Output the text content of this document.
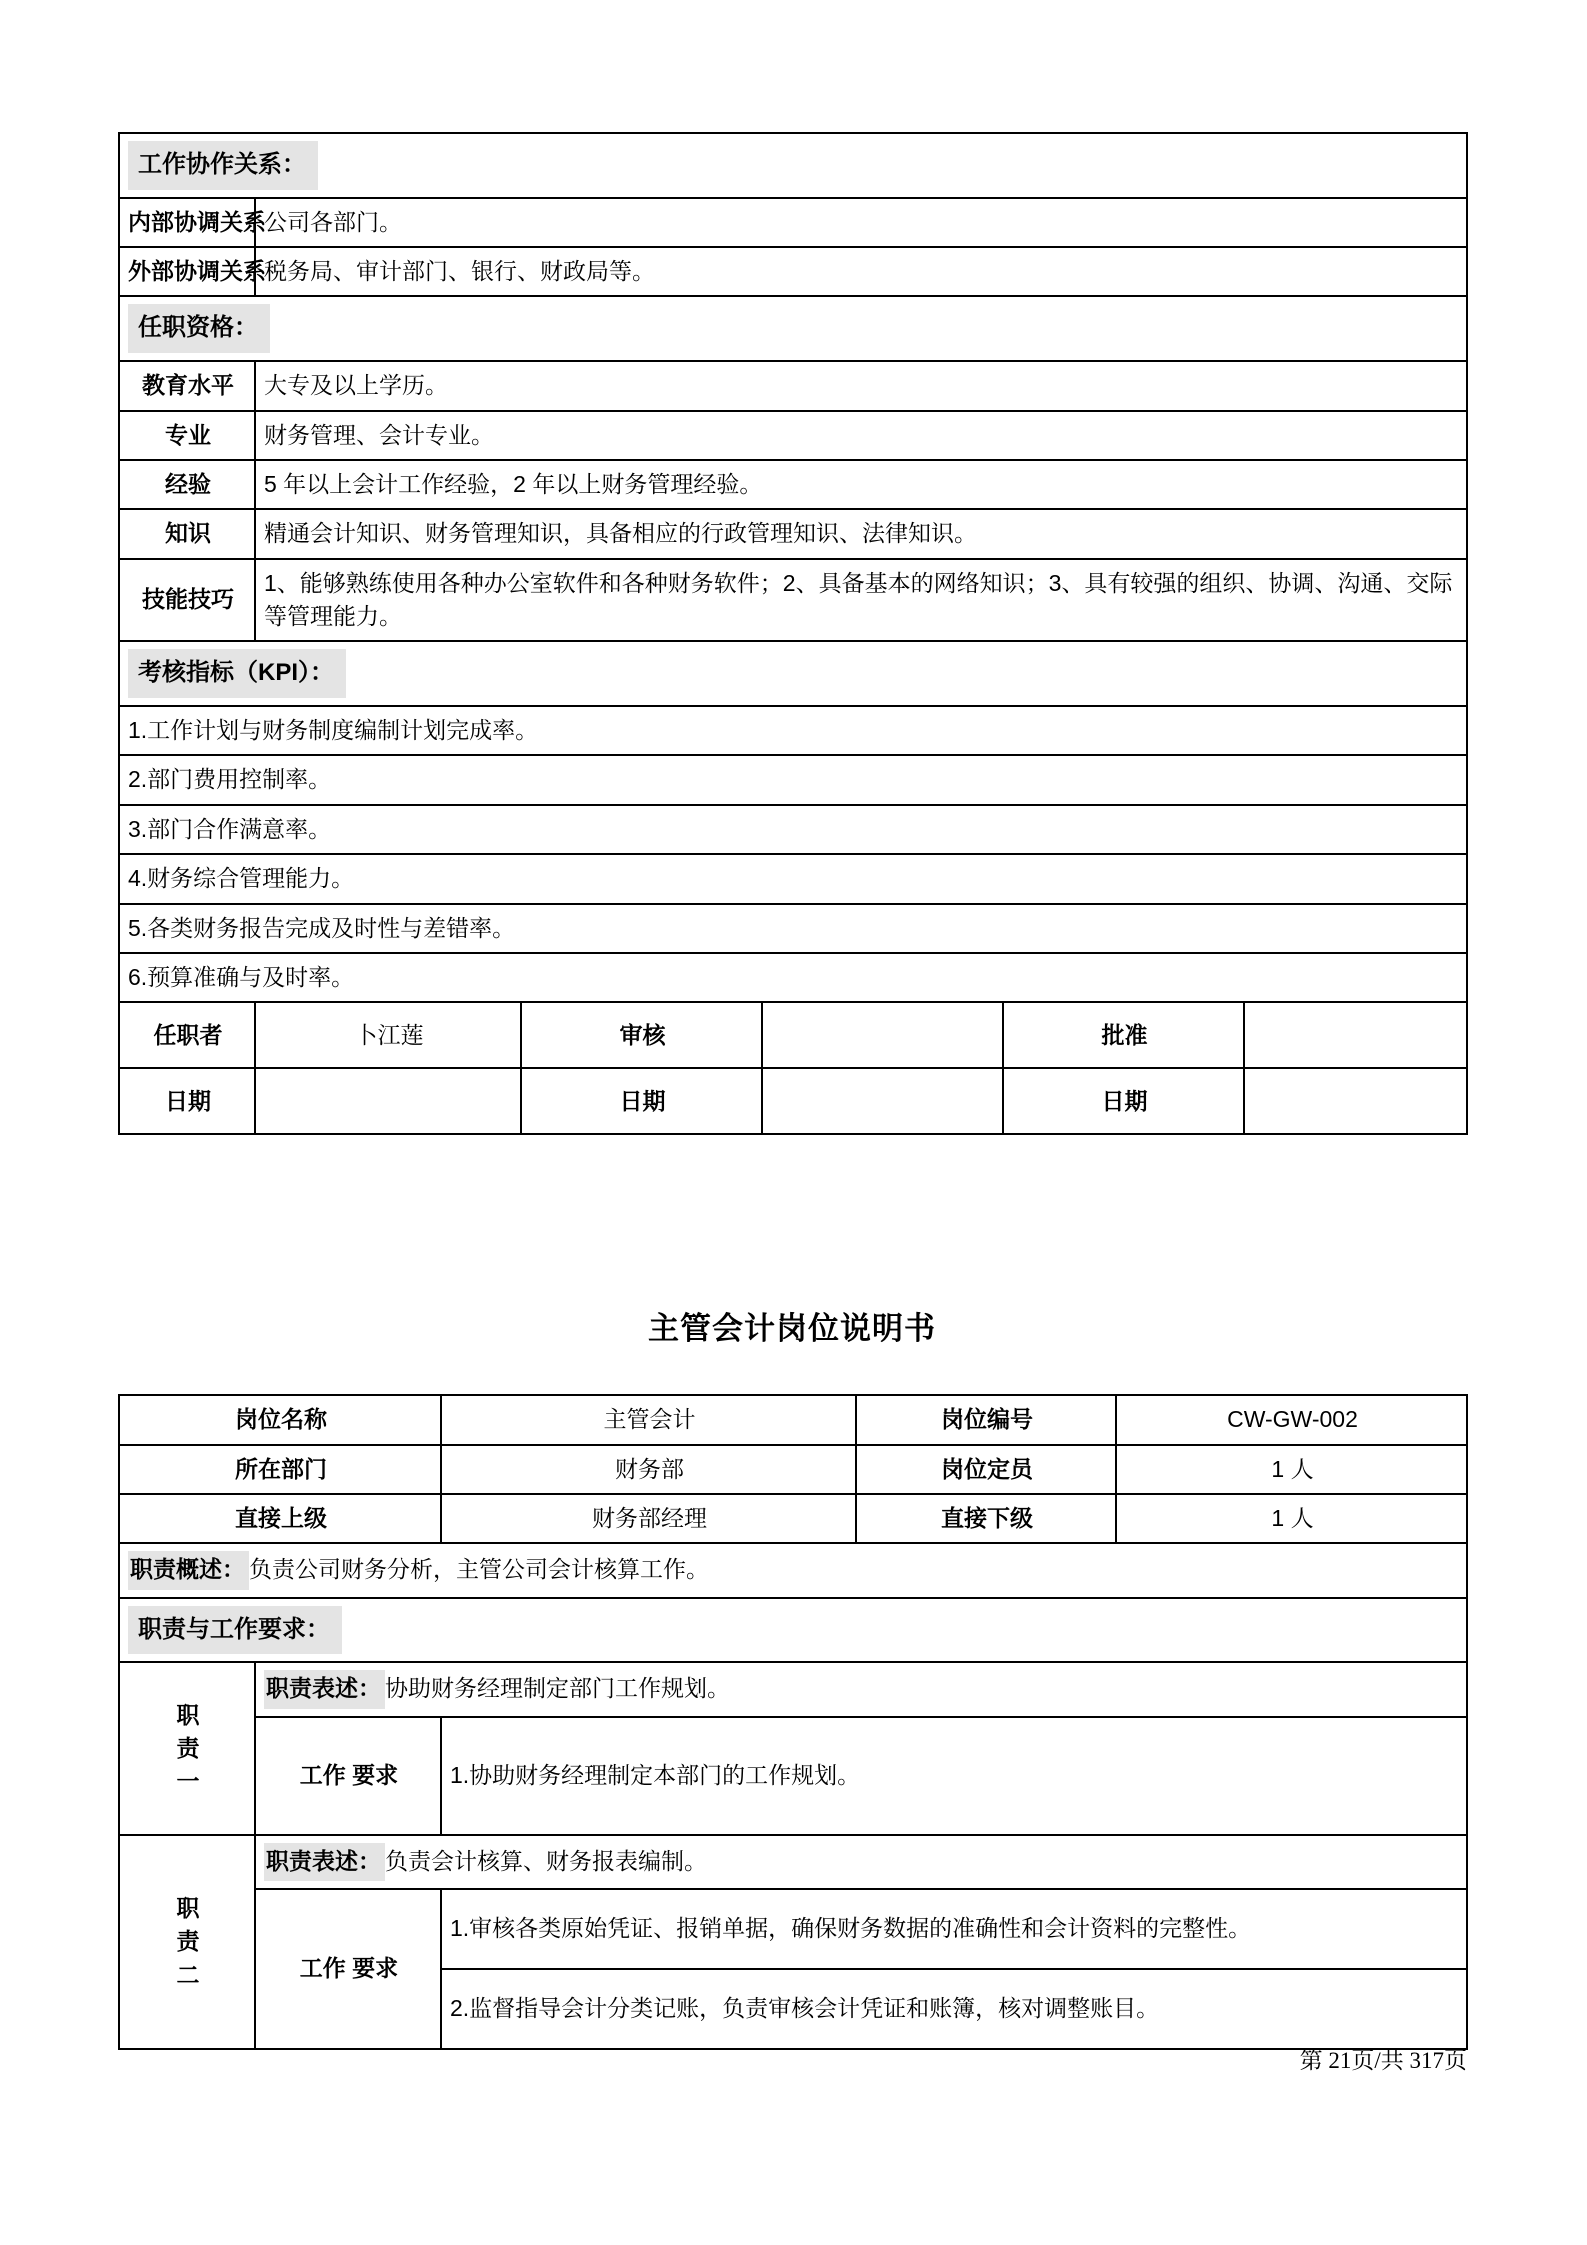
工作协作关系：					

内部协调关系	公司各部门。				
外部协调关系	税务局、审计部门、银行、财政局等。				

任职资格：					

教育水平	大专及以上学历。				
专业	财务管理、会计专业。				
经验	5 年以上会计工作经验，2 年以上财务管理经验。				
知识	精通会计知识、财务管理知识，具备相应的行政管理知识、法律知识。				
技能技巧	1、能够熟练使用各种办公室软件和各种财务软件；2、具备基本的网络知识；3、具有较强的组织、协调、沟通、交际等管理能力。				

考核指标（KPI）：					

1.工作计划与财务制度编制计划完成率。					
2.部门费用控制率。					
3.部门合作满意率。					
4.财务综合管理能力。					
5.各类财务报告完成及时性与差错率。					
6.预算准确与及时率。					
任职者	卜江莲	审核		批准	
日期		日期		日期	
主管会计岗位说明书
岗位名称		主管会计	岗位编号	CW-GW-002
所在部门		财务部	岗位定员	1 人
直接上级		财务部经理	直接下级	1 人
职责概述： 负责公司财务分析，主管公司会计核算工作。				

职责与工作要求：				

职
责
一	职责表述： 协助财务经理制定部门工作规划。			
	工作 要求	1.协助财务经理制定本部门的工作规划。		
职
责
二	职责表述： 负责会计核算、财务报表编制。			
	工作 要求	1.审核各类原始凭证、报销单据，确保财务数据的准确性和会计资料的完整性。		
		2.监督指导会计分类记账，负责审核会计凭证和账簿，核对调整账目。		
第 21页/共 317页
